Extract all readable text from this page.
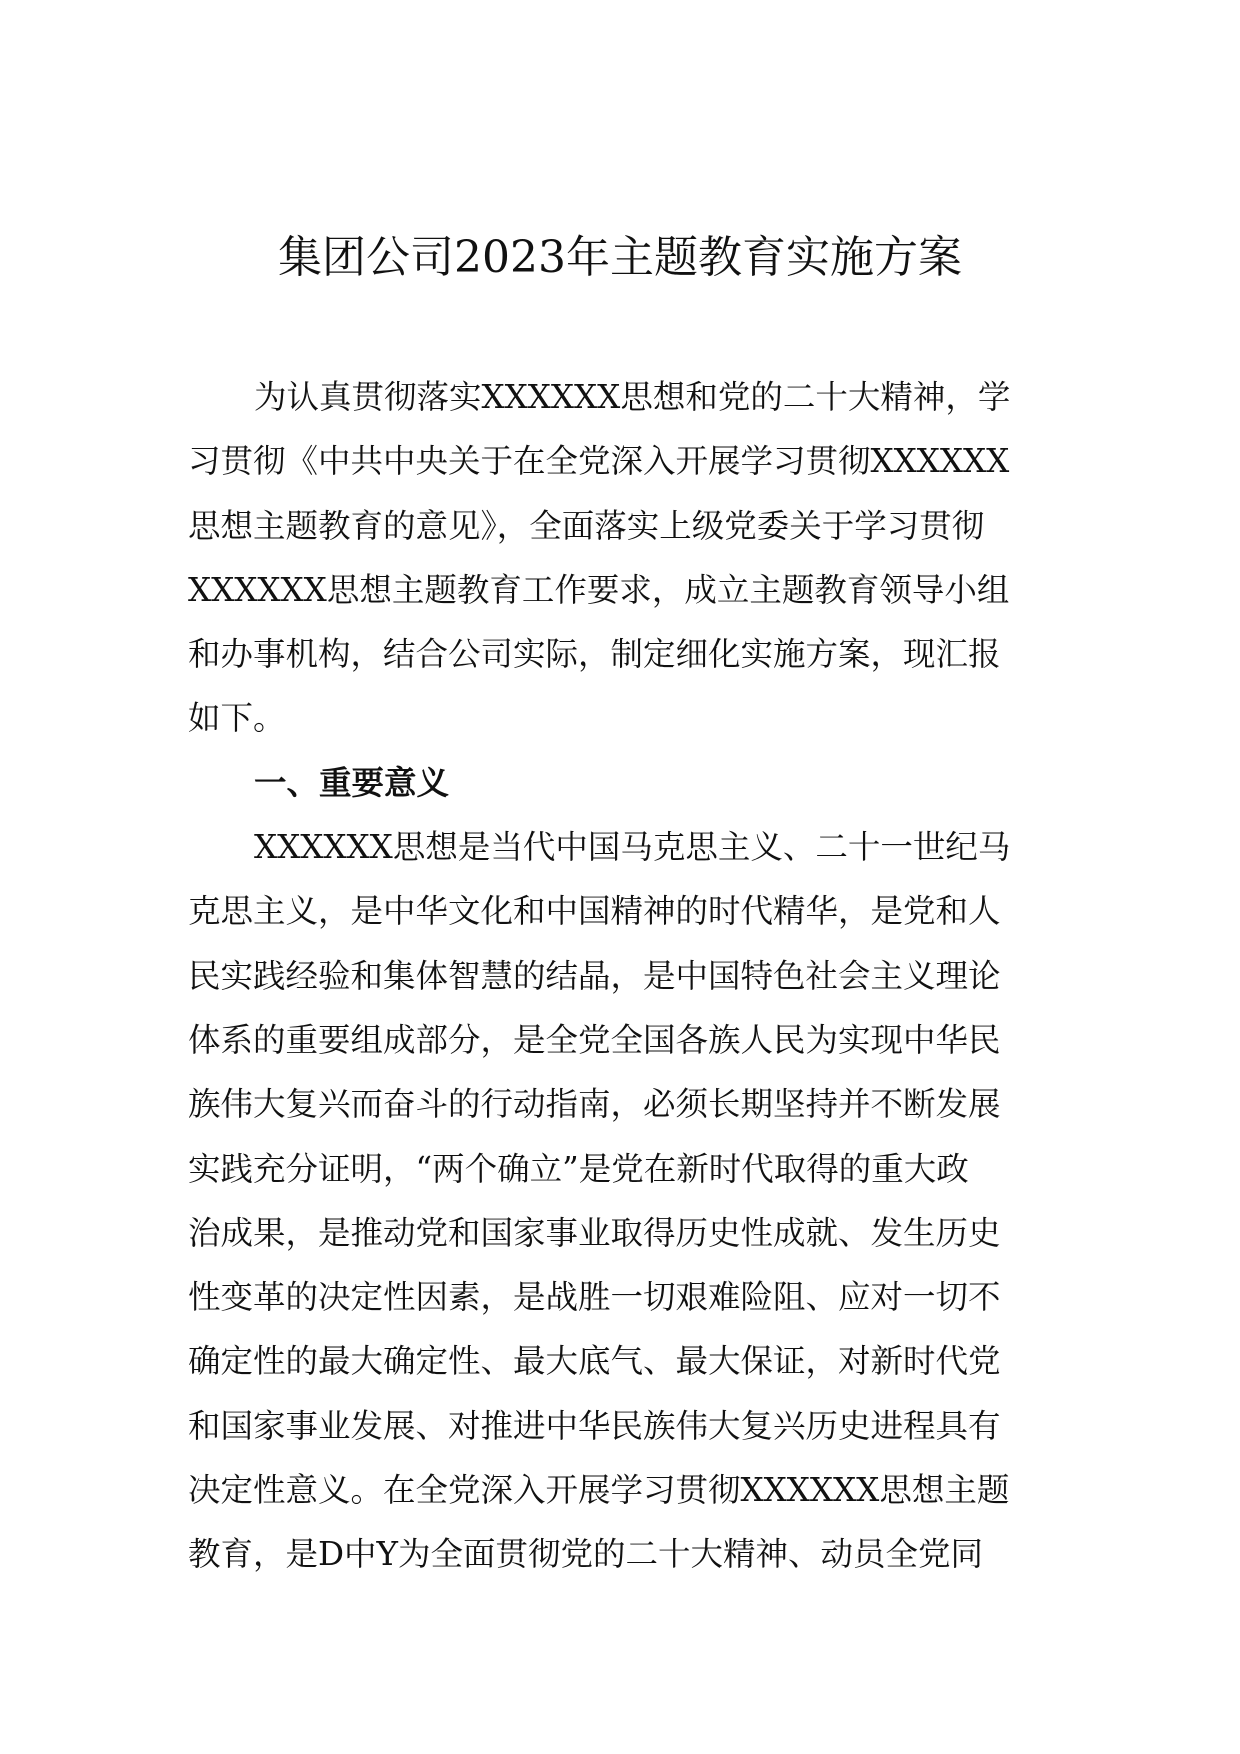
集团公司2023年主题教育实施方案

为认真贯彻落实XXXXXX思想和党的二十大精神，学

习贯彻《中共中央关于在全党深入开展学习贯彻XXXXXX

思想主题教育的意见》，全面落实上级党委关于学习贯彻

XXXXXX思想主题教育工作要求，成立主题教育领导小组

和办事机构，结合公司实际，制定细化实施方案，现汇报

如下。

一、重要意义

XXXXXX思想是当代中国马克思主义、二十一世纪马

克思主义，是中华文化和中国精神的时代精华，是党和人

民实践经验和集体智慧的结晶，是中国特色社会主义理论

体系的重要组成部分，是全党全国各族人民为实现中华民

族伟大复兴而奋斗的行动指南，必须长期坚持并不断发展

实践充分证明，“两个确立”是党在新时代取得的重大政

治成果，是推动党和国家事业取得历史性成就、发生历史

性变革的决定性因素，是战胜一切艰难险阻、应对一切不

确定性的最大确定性、最大底气、最大保证，对新时代党

和国家事业发展、对推进中华民族伟大复兴历史进程具有

决定性意义。在全党深入开展学习贯彻XXXXXX思想主题

教育，是D中Y为全面贯彻党的二十大精神、动员全党同
